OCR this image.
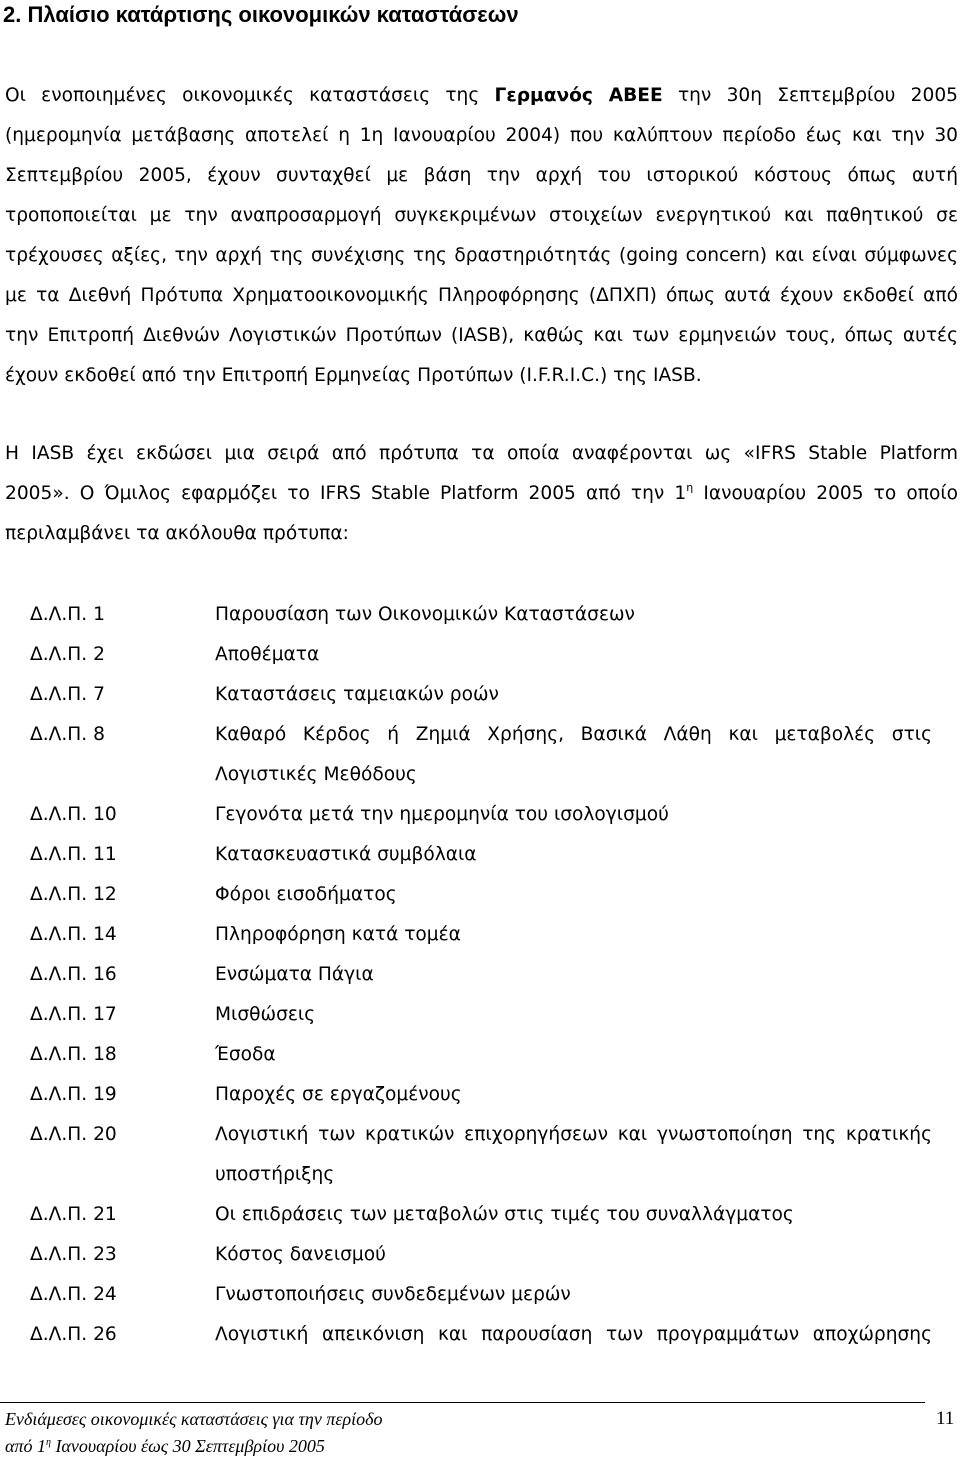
2. Πλαίσιο κατάρτισης οικονομικών καταστάσεων
Οι ενοποιημένες οικονομικές καταστάσεις της Γερμανός ΑΒΕΕ την 30η Σεπτεμβρίου 2005
(ημερομηνία μετάβασης αποτελεί η 1η Ιανουαρίου 2004) που καλύπτουν περίοδο έως και την 30
Σεπτεμβρίου 2005, έχουν συνταχθεί με βάση την αρχή του ιστορικού κόστους όπως αυτή
τροποποιείται με την αναπροσαρμογή συγκεκριμένων στοιχείων ενεργητικού και παθητικού σε
τρέχουσες αξίες, την αρχή της συνέχισης της δραστηριότητάς (going concern) και είναι σύμφωνες
με τα Διεθνή Πρότυπα Χρηματοοικονομικής Πληροφόρησης (ΔΠΧΠ) όπως αυτά έχουν εκδοθεί από
την Επιτροπή Διεθνών Λογιστικών Προτύπων (IASB), καθώς και των ερμηνειών τους, όπως αυτές
έχουν εκδοθεί από την Επιτροπή Ερμηνείας Προτύπων (I.F.R.I.C.) της IASB.
Η IASB έχει εκδώσει μια σειρά από πρότυπα τα οποία αναφέρονται ως «IFRS Stable Platform
2005». Ο Όμιλος εφαρμόζει το IFRS Stable Platform 2005 από την $1^\eta$ Ιανουαρίου 2005 το οποίο
περιλαμβάνει τα ακόλουθα πρότυπα:
Δ.Λ.Π. 1	Παρουσίαση των Οικονομικών Καταστάσεων
Δ.Λ.Π. 2	Αποθέματα
Δ.Λ.Π. 7	Καταστάσεις ταμειακών ροών
Δ.Λ.Π. 8	Καθαρό Κέρδος ή Ζημιά Χρήσης, Βασικά Λάθη και μεταβολές στις
Λογιστικές Μεθόδους
Δ.Λ.Π. 10	Γεγονότα μετά την ημερομηνία του ισολογισμού
Δ.Λ.Π. 11	Κατασκευαστικά συμβόλαια
Δ.Λ.Π. 12	Φόροι εισοδήματος
Δ.Λ.Π. 14	Πληροφόρηση κατά τομέα
Δ.Λ.Π. 16	Ενσώματα Πάγια
Δ.Λ.Π. 17	Μισθώσεις
Δ.Λ.Π. 18	Έσοδα
Δ.Λ.Π. 19	Παροχές σε εργαζομένους
Δ.Λ.Π. 20	Λογιστική των κρατικών επιχορηγήσεων και γνωστοποίηση της κρατικής
υποστήριξης
Δ.Λ.Π. 21	Οι επιδράσεις των μεταβολών στις τιμές του συναλλάγματος
Δ.Λ.Π. 23	Κόστος δανεισμού
Δ.Λ.Π. 24	Γνωστοποιήσεις συνδεδεμένων μερών
Δ.Λ.Π. 26	Λογιστική απεικόνιση και παρουσίαση των προγραμμάτων αποχώρησης
Ενδιάμεσες οικονομικές καταστάσεις για την περίοδο
από $1^\eta$ Ιανουαρίου έως 30 Σεπτεμβρίου 2005
11
